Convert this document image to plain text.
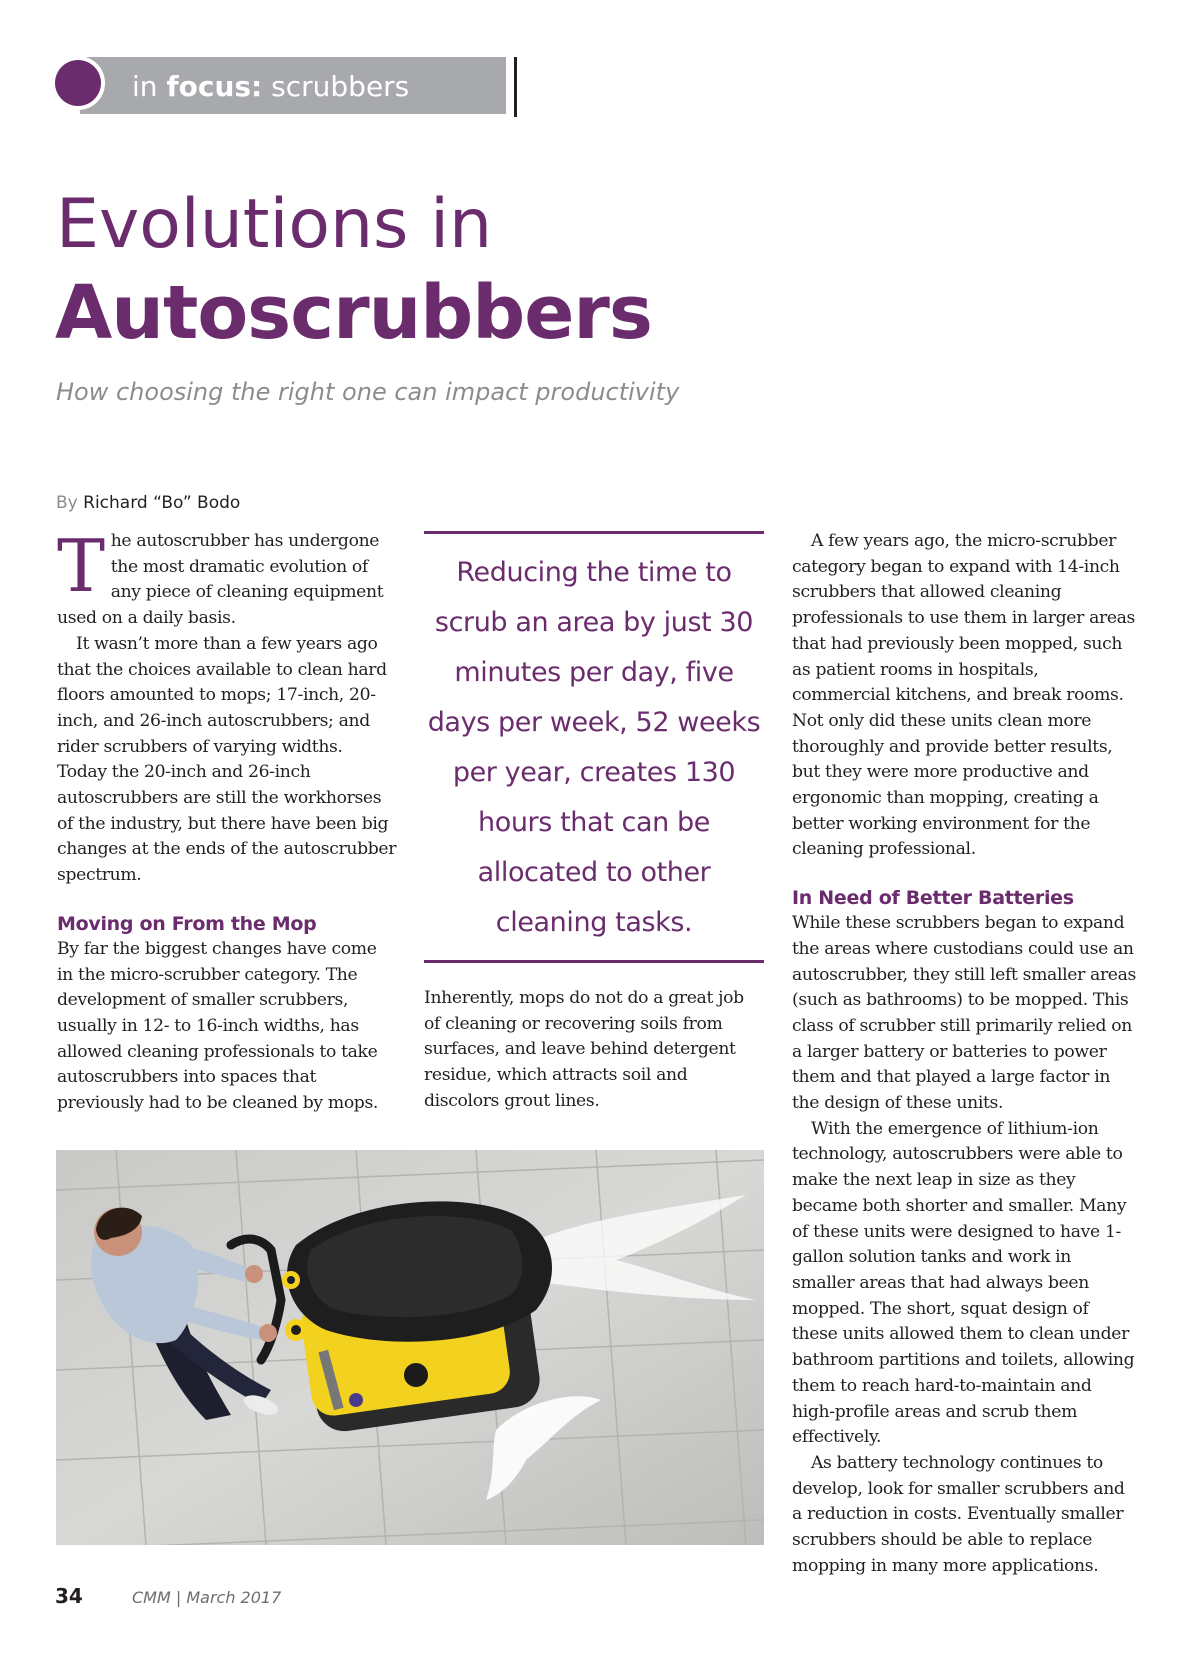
in focus: scrubbers
Evolutions in
Autoscrubbers
How choosing the right one can impact productivity
By Richard “Bo” Bodo

The autoscrubber has undergone the most dramatic evolution of any piece of cleaning equipment used on a daily basis.

It wasn’t more than a few years ago that the choices available to clean hard floors amounted to mops; 17-inch, 20-inch, and 26-inch autoscrubbers; and rider scrubbers of varying widths. Today the 20-inch and 26-inch autoscrubbers are still the workhorses of the industry, but there have been big changes at the ends of the autoscrubber spectrum.

Moving on From the Mop

By far the biggest changes have come in the micro-scrubber category. The development of smaller scrubbers, usually in 12- to 16-inch widths, has allowed cleaning professionals to take autoscrubbers into spaces that previously had to be cleaned by mops.

Reducing the time to scrub an area by just 30 minutes per day, five days per week, 52 weeks per year, creates 130 hours that can be allocated to other cleaning tasks.

Inherently, mops do not do a great job of cleaning or recovering soils from surfaces, and leave behind detergent residue, which attracts soil and discolors grout lines.

A few years ago, the micro-scrubber category began to expand with 14-inch scrubbers that allowed cleaning professionals to use them in larger areas that had previously been mopped, such as patient rooms in hospitals, commercial kitchens, and break rooms. Not only did these units clean more thoroughly and provide better results, but they were more productive and ergonomic than mopping, creating a better working environment for the cleaning professional.

In Need of Better Batteries

While these scrubbers began to expand the areas where custodians could use an autoscrubber, they still left smaller areas (such as bathrooms) to be mopped. This class of scrubber still primarily relied on a larger battery or batteries to power them and that played a large factor in the design of these units.

With the emergence of lithium-ion technology, autoscrubbers were able to make the next leap in size as they became both shorter and smaller. Many of these units were designed to have 1-gallon solution tanks and work in smaller areas that had always been mopped. The short, squat design of these units allowed them to clean under bathroom partitions and toilets, allowing them to reach hard-to-maintain and high-profile areas and scrub them effectively.

As battery technology continues to develop, look for smaller scrubbers and a reduction in costs. Eventually smaller scrubbers should be able to replace mopping in many more applications.

34	CMM | March 2017
